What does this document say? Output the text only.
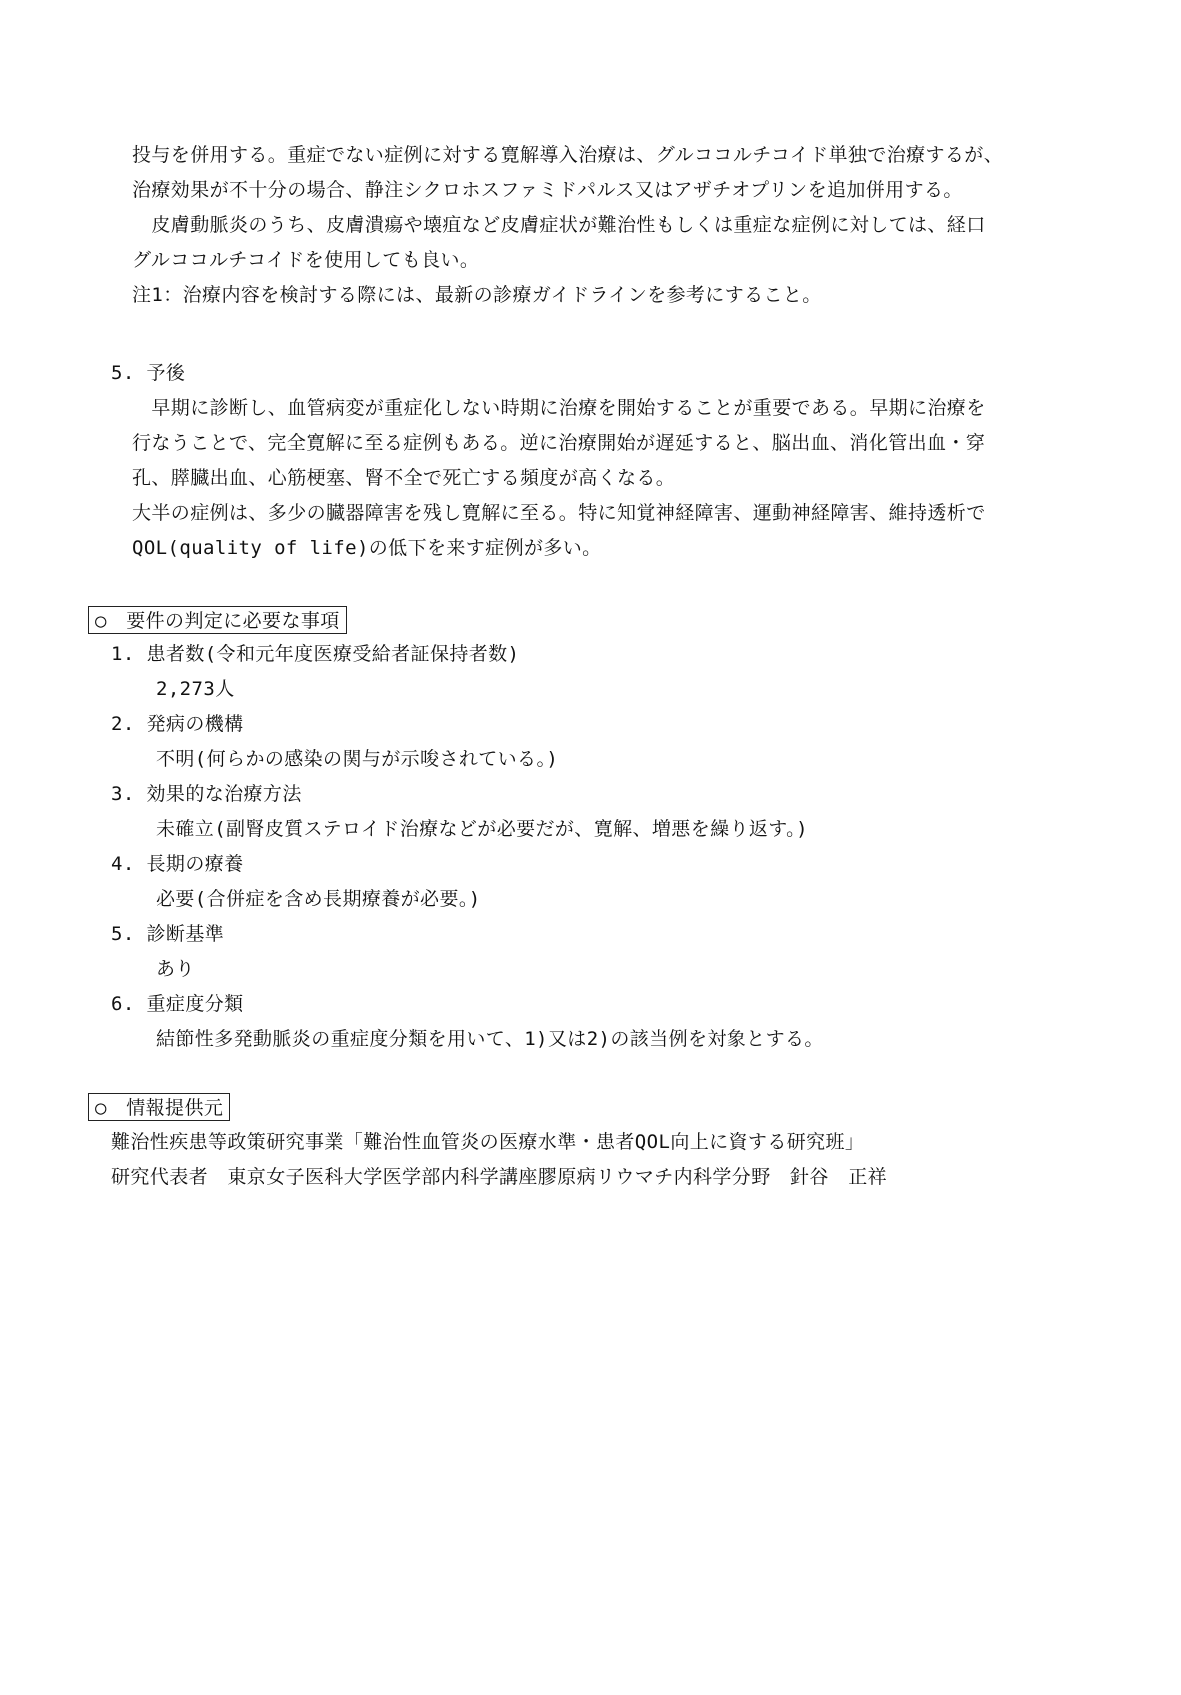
投与を併用する。重症でない症例に対する寛解導入治療は、グルココルチコイド単独で治療するが、
治療効果が不十分の場合、静注シクロホスファミドパルス又はアザチオプリンを追加併用する。
　皮膚動脈炎のうち、皮膚潰瘍や壊疽など皮膚症状が難治性もしくは重症な症例に対しては、経口
グルココルチコイドを使用しても良い。
注1：治療内容を検討する際には、最新の診療ガイドラインを参考にすること。
5. 予後
　早期に診断し、血管病変が重症化しない時期に治療を開始することが重要である。早期に治療を
行なうことで、完全寛解に至る症例もある。逆に治療開始が遅延すると、脳出血、消化管出血・穿
孔、膵臓出血、心筋梗塞、腎不全で死亡する頻度が高くなる。
大半の症例は、多少の臓器障害を残し寛解に至る。特に知覚神経障害、運動神経障害、維持透析で
QOL(quality of life)の低下を来す症例が多い。
○　要件の判定に必要な事項
1. 患者数(令和元年度医療受給者証保持者数)
2,273人
2. 発病の機構
不明(何らかの感染の関与が示唆されている。)
3. 効果的な治療方法
未確立(副腎皮質ステロイド治療などが必要だが、寛解、増悪を繰り返す。)
4. 長期の療養
必要(合併症を含め長期療養が必要。)
5. 診断基準
あり
6. 重症度分類
結節性多発動脈炎の重症度分類を用いて、1)又は2)の該当例を対象とする。
○　情報提供元
難治性疾患等政策研究事業「難治性血管炎の医療水準・患者QOL向上に資する研究班」
研究代表者　東京女子医科大学医学部内科学講座膠原病リウマチ内科学分野　針谷　正祥
